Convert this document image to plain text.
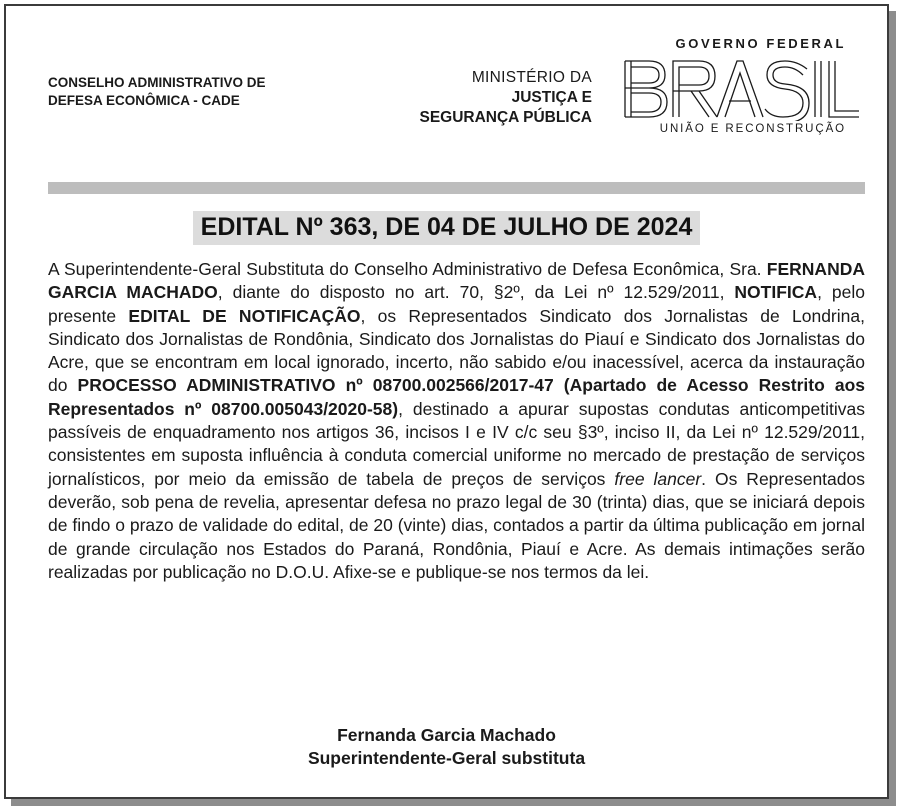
CONSELHO ADMINISTRATIVO DE
DEFESA ECONÔMICA - CADE
MINISTÉRIO DA
JUSTIÇA E
SEGURANÇA PÚBLICA
GOVERNO FEDERAL
UNIÃO E RECONSTRUÇÃO
EDITAL Nº 363, DE 04 DE JULHO DE 2024
A Superintendente-Geral Substituta do Conselho Administrativo de Defesa Econômica, Sra. FERNANDA GARCIA MACHADO, diante do disposto no art. 70, §2º, da Lei nº 12.529/2011, NOTIFICA, pelo presente EDITAL DE NOTIFICAÇÃO, os Representados Sindicato dos Jornalistas de Londrina, Sindicato dos Jornalistas de Rondônia, Sindicato dos Jornalistas do Piauí e Sindicato dos Jornalistas do Acre, que se encontram em local ignorado, incerto, não sabido e/ou inacessível, acerca da instauração do PROCESSO ADMINISTRATIVO nº 08700.002566/2017-47 (Apartado de Acesso Restrito aos Representados nº 08700.005043/2020-58), destinado a apurar supostas condutas anticompetitivas passíveis de enquadramento nos artigos 36, incisos I e IV c/c seu §3º, inciso II, da Lei nº 12.529/2011, consistentes em suposta influência à conduta comercial uniforme no mercado de prestação de serviços jornalísticos, por meio da emissão de tabela de preços de serviços free lancer. Os Representados deverão, sob pena de revelia, apresentar defesa no prazo legal de 30 (trinta) dias, que se iniciará depois de findo o prazo de validade do edital, de 20 (vinte) dias, contados a partir da última publicação em jornal de grande circulação nos Estados do Paraná, Rondônia, Piauí e Acre. As demais intimações serão realizadas por publicação no D.O.U. Afixe-se e publique-se nos termos da lei.
Fernanda Garcia Machado
Superintendente-Geral substituta
